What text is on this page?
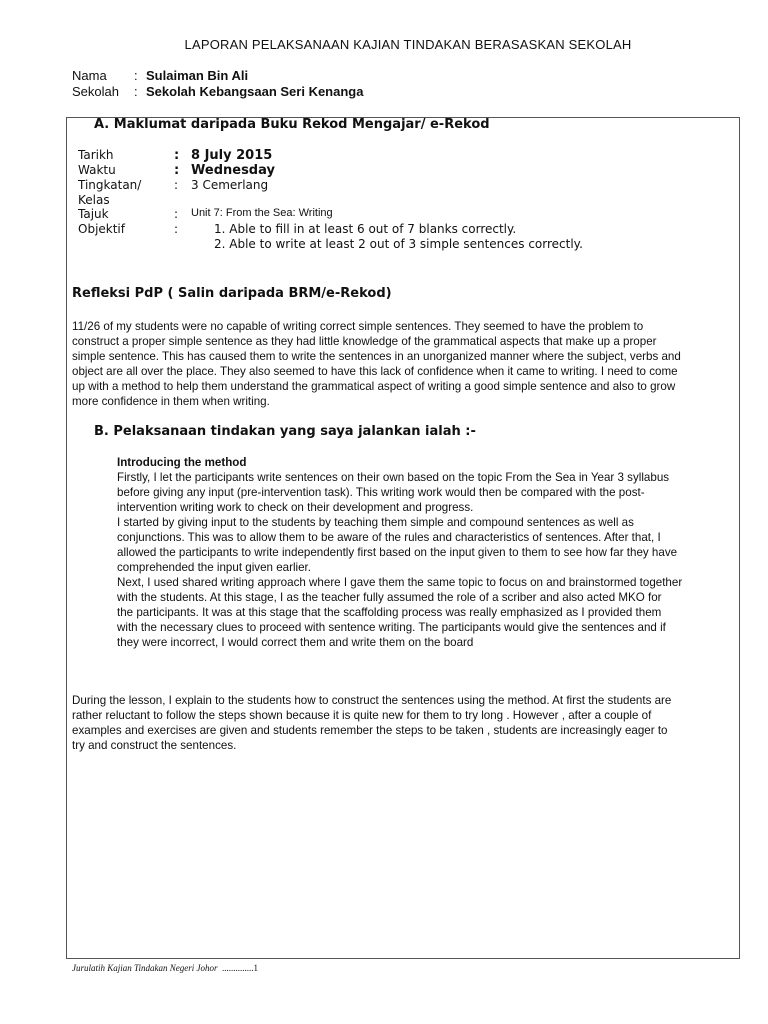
LAPORAN PELAKSANAAN KAJIAN TINDAKAN BERASASKAN SEKOLAH
Nama : Sulaiman Bin Ali
Sekolah : Sekolah Kebangsaan Seri Kenanga
A. Maklumat daripada Buku Rekod Mengajar/ e-Rekod
Tarikh	: 8 July 2015
Waktu	: Wednesday
Tingkatan/	: 3 Cemerlang
Kelas
Tajuk	: Unit 7: From the Sea: Writing
Objektif	:	1. Able to fill in at least 6 out of 7 blanks correctly.
2. Able to write at least 2 out of 3 simple sentences correctly.
Refleksi PdP ( Salin daripada BRM/e-Rekod)
11/26 of my students were no capable of writing correct simple sentences. They seemed to have the problem to
construct a proper simple sentence as they had little knowledge of the grammatical aspects that make up a proper
simple sentence. This has caused them to write the sentences in an unorganized manner where the subject, verbs and
object are all over the place. They also seemed to have this lack of confidence when it came to writing. I need to come
up with a method to help them understand the grammatical aspect of writing a good simple sentence and also to grow
more confidence in them when writing.
B. Pelaksanaan tindakan yang saya jalankan ialah :-
Introducing the method
Firstly, I let the participants write sentences on their own based on the topic From the Sea in Year 3 syllabus
before giving any input (pre-intervention task). This writing work would then be compared with the post-
intervention writing work to check on their development and progress.
I started by giving input to the students by teaching them simple and compound sentences as well as
conjunctions. This was to allow them to be aware of the rules and characteristics of sentences. After that, I
allowed the participants to write independently first based on the input given to them to see how far they have
comprehended the input given earlier.
Next, I used shared writing approach where I gave them the same topic to focus on and brainstormed together
with the students. At this stage, I as the teacher fully assumed the role of a scriber and also acted MKO for
the participants. It was at this stage that the scaffolding process was really emphasized as I provided them
with the necessary clues to proceed with sentence writing. The participants would give the sentences and if
they were incorrect, I would correct them and write them on the board
During the lesson, I explain to the students how to construct the sentences using the method. At first the students are
rather reluctant to follow the steps shown because it is quite new for them to try long . However , after a couple of
examples and exercises are given and students remember the steps to be taken , students are increasingly eager to
try and construct the sentences.
Jurulatih Kajian Tindakan Negeri Johor ..............1
